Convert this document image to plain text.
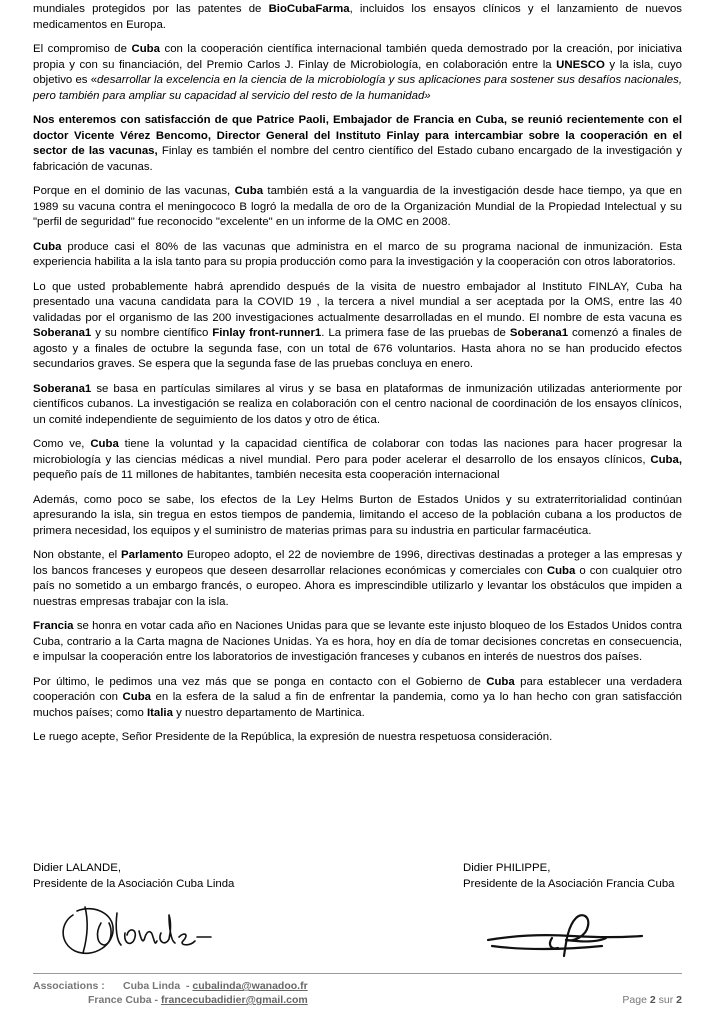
mundiales protegidos por las patentes de BioCubaFarma, incluidos los ensayos clínicos y el lanzamiento de nuevos medicamentos en Europa.

El compromiso de Cuba con la cooperación científica internacional también queda demostrado por la creación, por iniciativa propia y con su financiación, del Premio Carlos J. Finlay de Microbiología, en colaboración entre la UNESCO y la isla, cuyo objetivo es «desarrollar la excelencia en la ciencia de la microbiología y sus aplicaciones para sostener sus desafíos nacionales, pero también para ampliar su capacidad al servicio del resto de la humanidad»

Nos enteremos con satisfacción de que Patrice Paoli, Embajador de Francia en Cuba, se reunió recientemente con el doctor Vicente Vérez Bencomo, Director General del Instituto Finlay para intercambiar sobre la cooperación en el sector de las vacunas, Finlay es también el nombre del centro científico del Estado cubano encargado de la investigación y fabricación de vacunas.

Porque en el dominio de las vacunas, Cuba también está a la vanguardia de la investigación desde hace tiempo, ya que en 1989 su vacuna contra el meningococo B logró la medalla de oro de la Organización Mundial de la Propiedad Intelectual y su "perfil de seguridad" fue reconocido "excelente" en un informe de la OMC en 2008.

Cuba produce casi el 80% de las vacunas que administra en el marco de su programa nacional de inmunización. Esta experiencia habilita a la isla tanto para su propia producción como para la investigación y la cooperación con otros laboratorios.

Lo que usted probablemente habrá aprendido después de la visita de nuestro embajador al Instituto FINLAY, Cuba ha presentado una vacuna candidata para la COVID 19 , la tercera a nivel mundial a ser aceptada por la OMS, entre las 40 validadas por el organismo de las 200 investigaciones actualmente desarrolladas en el mundo. El nombre de esta vacuna es Soberana1 y su nombre científico Finlay front-runner1. La primera fase de las pruebas de Soberana1 comenzó a finales de agosto y a finales de octubre la segunda fase, con un total de 676 voluntarios. Hasta ahora no se han producido efectos secundarios graves. Se espera que la segunda fase de las pruebas concluya en enero.

Soberana1 se basa en partículas similares al virus y se basa en plataformas de inmunización utilizadas anteriormente por científicos cubanos. La investigación se realiza en colaboración con el centro nacional de coordinación de los ensayos clínicos, un comité independiente de seguimiento de los datos y otro de ética.

Como ve, Cuba tiene la voluntad y la capacidad científica de colaborar con todas las naciones para hacer progresar la microbiología y las ciencias médicas a nivel mundial. Pero para poder acelerar el desarrollo de los ensayos clínicos, Cuba, pequeño país de 11 millones de habitantes, también necesita esta cooperación internacional

Además, como poco se sabe, los efectos de la Ley Helms Burton de Estados Unidos y su extraterritorialidad continúan apresurando la isla, sin tregua en estos tiempos de pandemia, limitando el acceso de la población cubana a los productos de primera necesidad, los equipos y el suministro de materias primas para su industria en particular farmacéutica.

Non obstante, el Parlamento Europeo adopto, el 22 de noviembre de 1996, directivas destinadas a proteger a las empresas y los bancos franceses y europeos que deseen desarrollar relaciones económicas y comerciales con Cuba o con cualquier otro país no sometido a un embargo francés, o europeo. Ahora es imprescindible utilizarlo y levantar los obstáculos que impiden a nuestras empresas trabajar con la isla.

Francia se honra en votar cada año en Naciones Unidas para que se levante este injusto bloqueo de los Estados Unidos contra Cuba, contrario a la Carta magna de Naciones Unidas. Ya es hora, hoy en día de tomar decisiones concretas en consecuencia, e impulsar la cooperación entre los laboratorios de investigación franceses y cubanos en interés de nuestros dos países.

Por último, le pedimos una vez más que se ponga en contacto con el Gobierno de Cuba para establecer una verdadera cooperación con Cuba en la esfera de la salud a fin de enfrentar la pandemia, como ya lo han hecho con gran satisfacción muchos países; como Italia y nuestro departamento de Martinica.

Le ruego acepte, Señor Presidente de la República, la expresión de nuestra respetuosa consideración.

Didier LALANDE,
Presidente de la Asociación Cuba Linda
Didier PHILIPPE,
Presidente de la Asociación Francia Cuba
Associations : Cuba Linda  - cubalinda@wanadoo.fr
France Cuba - francecubadidier@gmail.com	Page 2 sur 2
